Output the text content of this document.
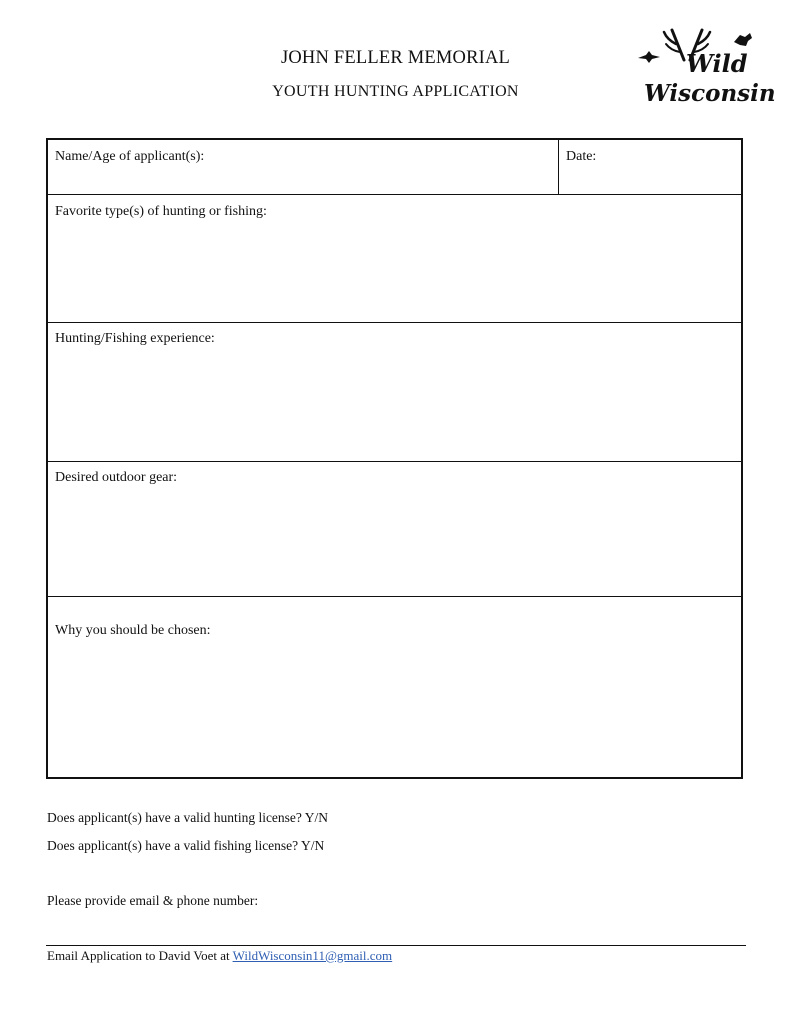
JOHN FELLER MEMORIAL
YOUTH HUNTING APPLICATION
Wild
Wisconsin
Name/Age of applicant(s):	Date:
Favorite type(s) of hunting or fishing:
Hunting/Fishing experience:
Desired outdoor gear:
Why you should be chosen:
Does applicant(s) have a valid hunting license? Y/N
Does applicant(s) have a valid fishing license? Y/N
Please provide email & phone number:
Email Application to David Voet at WildWisconsin11@gmail.com
